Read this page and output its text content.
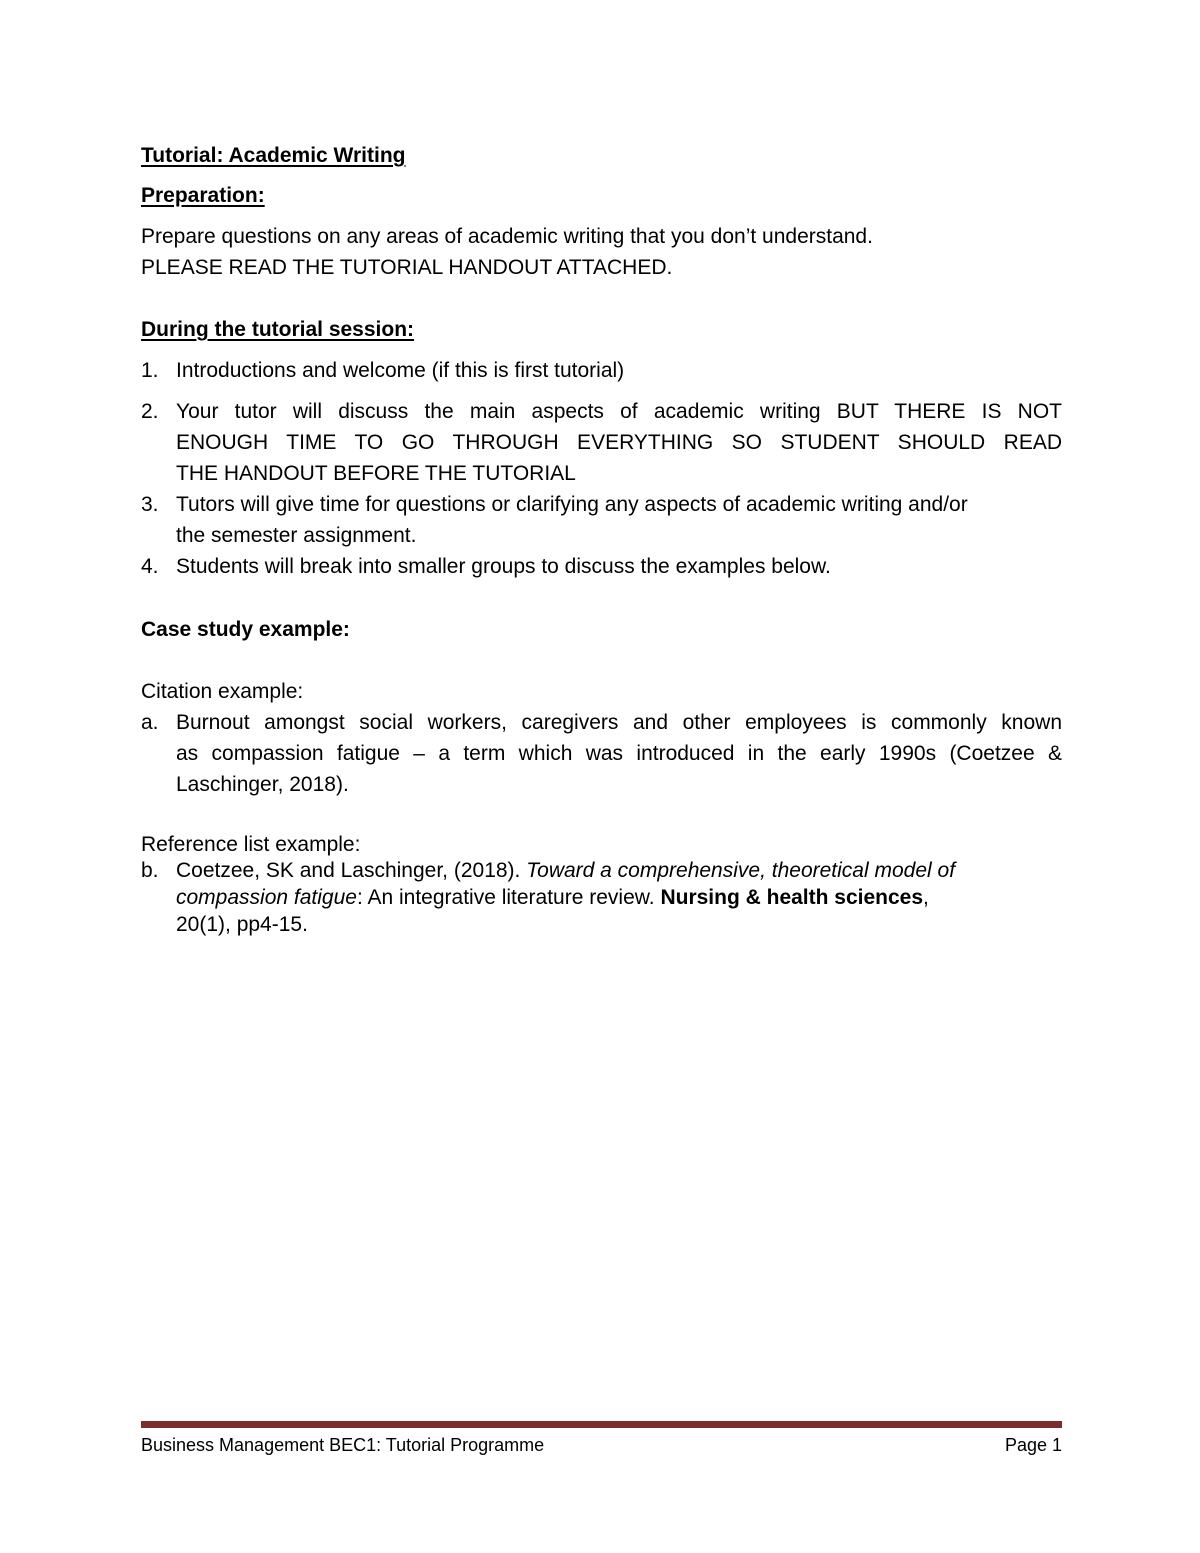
Tutorial: Academic Writing
Preparation:
Prepare questions on any areas of academic writing that you don’t understand.
PLEASE READ THE TUTORIAL HANDOUT ATTACHED.
During the tutorial session:
1. Introductions and welcome (if this is first tutorial)
2. Your tutor will discuss the main aspects of academic writing BUT THERE IS NOT
ENOUGH TIME TO GO THROUGH EVERYTHING SO STUDENT SHOULD READ
THE HANDOUT BEFORE THE TUTORIAL
3. Tutors will give time for questions or clarifying any aspects of academic writing and/or
the semester assignment.
4. Students will break into smaller groups to discuss the examples below.
Case study example:
Citation example:
a. Burnout amongst social workers, caregivers and other employees is commonly known
as compassion fatigue – a term which was introduced in the early 1990s (Coetzee &
Laschinger, 2018).
Reference list example:
b. Coetzee, SK and Laschinger, (2018). Toward a comprehensive, theoretical model of
compassion fatigue: An integrative literature review. Nursing & health sciences,
20(1), pp4-15.
Business Management BEC1: Tutorial Programme	Page 1
